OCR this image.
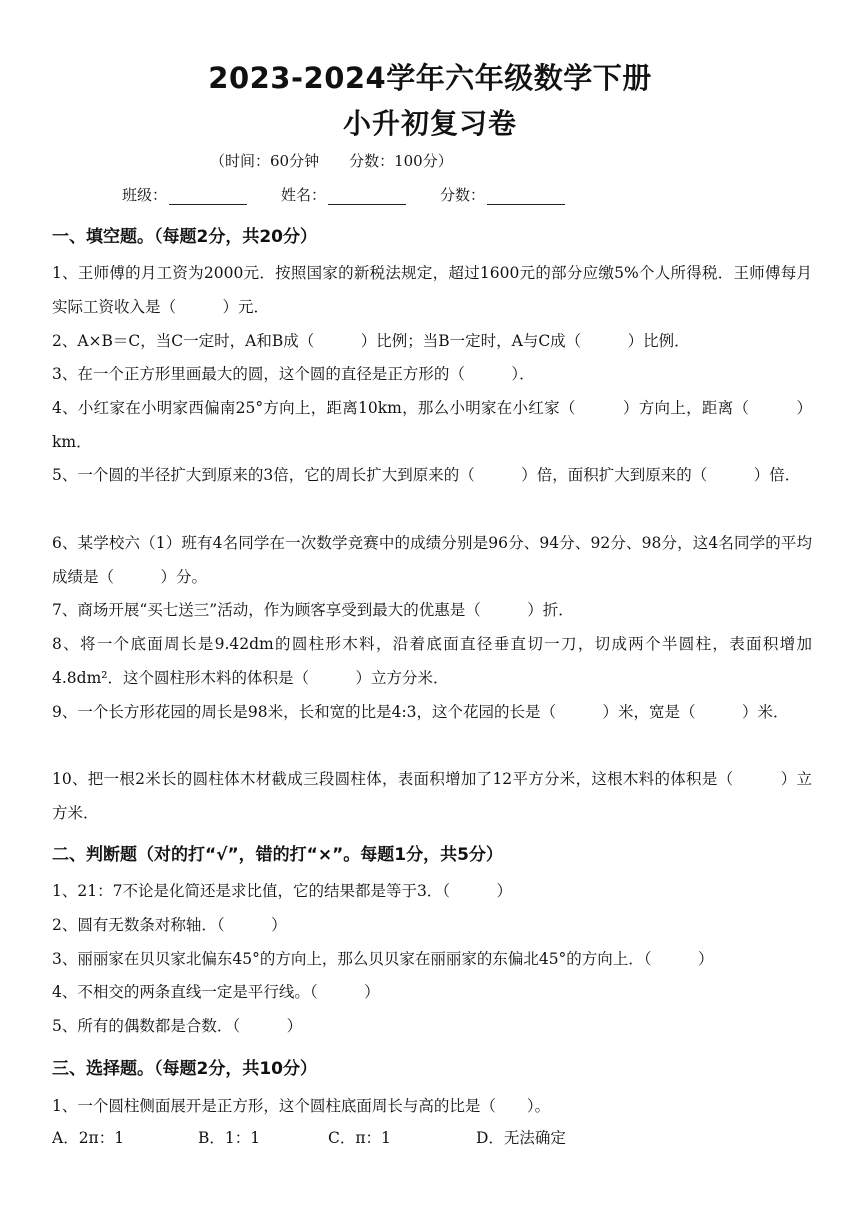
2023-2024学年六年级数学下册
小升初复习卷
（时间：60分钟　　分数：100分）
班级：	姓名：	分数：
一、填空题。（每题2分，共20分）
1、王师傅的月工资为2000元．按照国家的新税法规定，超过1600元的部分应缴5%个人所得税．王师傅每月实际工资收入是（　　　）元．
2、A×B＝C，当C一定时，A和B成（　　　）比例；当B一定时，A与C成（　　　）比例．
3、在一个正方形里画最大的圆，这个圆的直径是正方形的（　　　）．
4、小红家在小明家西偏南25°方向上，距离10km，那么小明家在小红家（　　　）方向上，距离（　　　）km．
5、一个圆的半径扩大到原来的3倍，它的周长扩大到原来的（　　　）倍，面积扩大到原来的（　　　）倍．
6、某学校六（1）班有4名同学在一次数学竞赛中的成绩分别是96分、94分、92分、98分，这4名同学的平均成绩是（　　　）分。
7、商场开展“买七送三”活动，作为顾客享受到最大的优惠是（　　　）折．
8、将一个底面周长是9.42dm的圆柱形木料，沿着底面直径垂直切一刀，切成两个半圆柱，表面积增加4.8dm²．这个圆柱形木料的体积是（　　　）立方分米．
9、一个长方形花园的周长是98米，长和宽的比是4:3，这个花园的长是（　　　）米，宽是（　　　）米．
10、把一根2米长的圆柱体木材截成三段圆柱体，表面积增加了12平方分米，这根木料的体积是（　　　）立方米．
二、判断题（对的打“√”，错的打“×”。每题1分，共5分）
1、21：7不论是化简还是求比值，它的结果都是等于3．（　　　）
2、圆有无数条对称轴．（　　　）
3、丽丽家在贝贝家北偏东45°的方向上，那么贝贝家在丽丽家的东偏北45°的方向上．（　　　）
4、不相交的两条直线一定是平行线。（　　　）
5、所有的偶数都是合数．（　　　）
三、选择题。（每题2分，共10分）
1、一个圆柱侧面展开是正方形，这个圆柱底面周长与高的比是（　　）。
A．2π：1	B．1：1	C．π：1	D．无法确定
